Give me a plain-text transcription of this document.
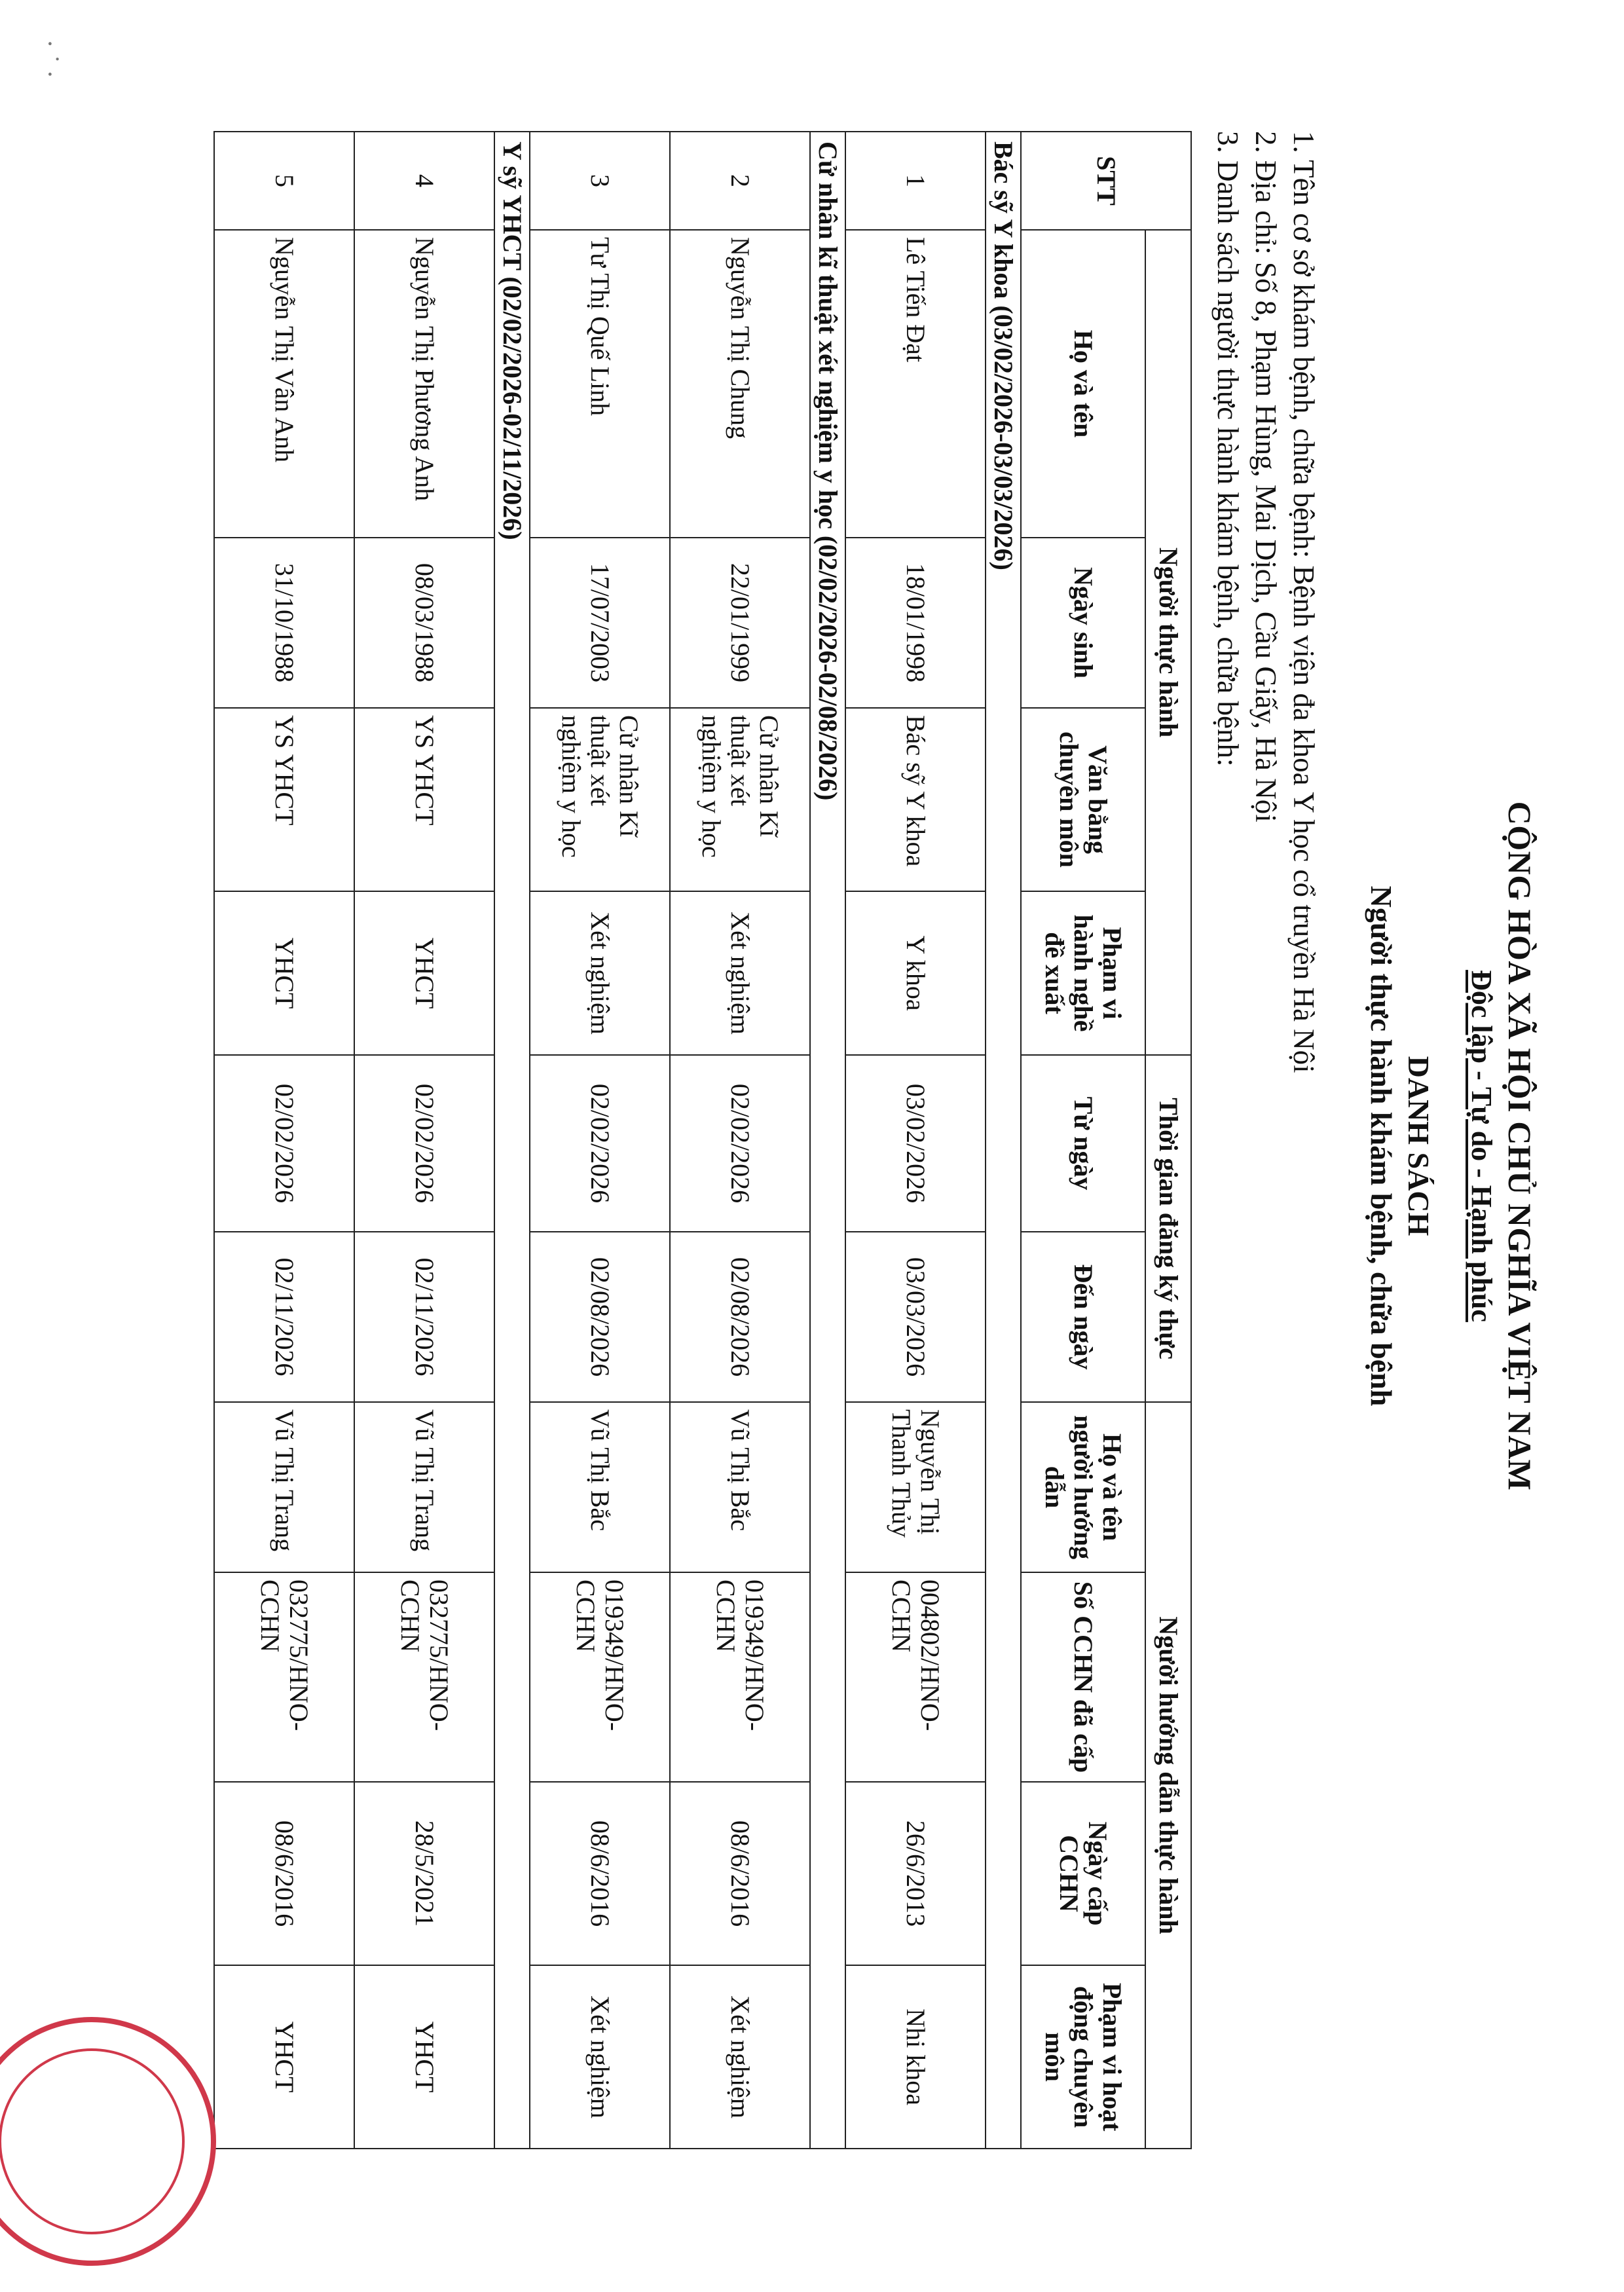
· ˙ ·
CỘNG HÒA XÃ HỘI CHỦ NGHĨA VIỆT NAM
Độc lập - Tự do - Hạnh phúc
DANH SÁCH
Người thực hành khám bệnh, chữa bệnh
1. Tên cơ sở khám bệnh, chữa bệnh: Bệnh viện đa khoa Y học cổ truyền Hà Nội
2. Địa chỉ: Số 8, Phạm Hùng, Mai Dịch, Cầu Giấy, Hà Nội
3. Danh sách người thực hành khám bệnh, chữa bệnh:
STT	Người thực hành				Thời gian đăng ký thực		Người hướng dẫn thực hành			
	Họ và tên	Ngày sinh	Văn bằng chuyên môn	Phạm vi hành nghề đề xuất	Từ ngày	Đến ngày	Họ và tên người hướng dẫn	Số CCHN đã cấp	Ngày cấp CCHN	Phạm vi hoạt động chuyên môn
Bác sỹ Y khoa (03/02/2026-03/03/2026)										
1	Lê Tiến Đạt	18/01/1998	Bác sỹ Y khoa	Y khoa	03/02/2026	03/03/2026	Nguyễn Thị Thanh Thủy	004802/HNO-CCHN	26/6/2013	Nhi khoa
Cử nhân kĩ thuật xét nghiệm y học (02/02/2026-02/08/2026)										
2	Nguyễn Thị Chung	22/01/1999	Cử nhân Kĩ thuật xét nghiệm y học	Xét nghiệm	02/02/2026	02/08/2026	Vũ Thị Bắc	019349/HNO-CCHN	08/6/2016	Xét nghiệm
3	Tư Thị Quế Linh	17/07/2003	Cử nhân Kĩ thuật xét nghiệm y học	Xét nghiệm	02/02/2026	02/08/2026	Vũ Thị Bắc	019349/HNO-CCHN	08/6/2016	Xét nghiệm
Y sỹ YHCT (02/02/2026-02/11/2026)										
4	Nguyễn Thị Phương Anh	08/03/1988	YS YHCT	YHCT	02/02/2026	02/11/2026	Vũ Thị Trang	032775/HNO-CCHN	28/5/2021	YHCT
5	Nguyễn Thị Vân Anh	31/10/1988	YS YHCT	YHCT	02/02/2026	02/11/2026	Vũ Thị Trang	032775/HNO-CCHN	08/6/2016	YHCT
